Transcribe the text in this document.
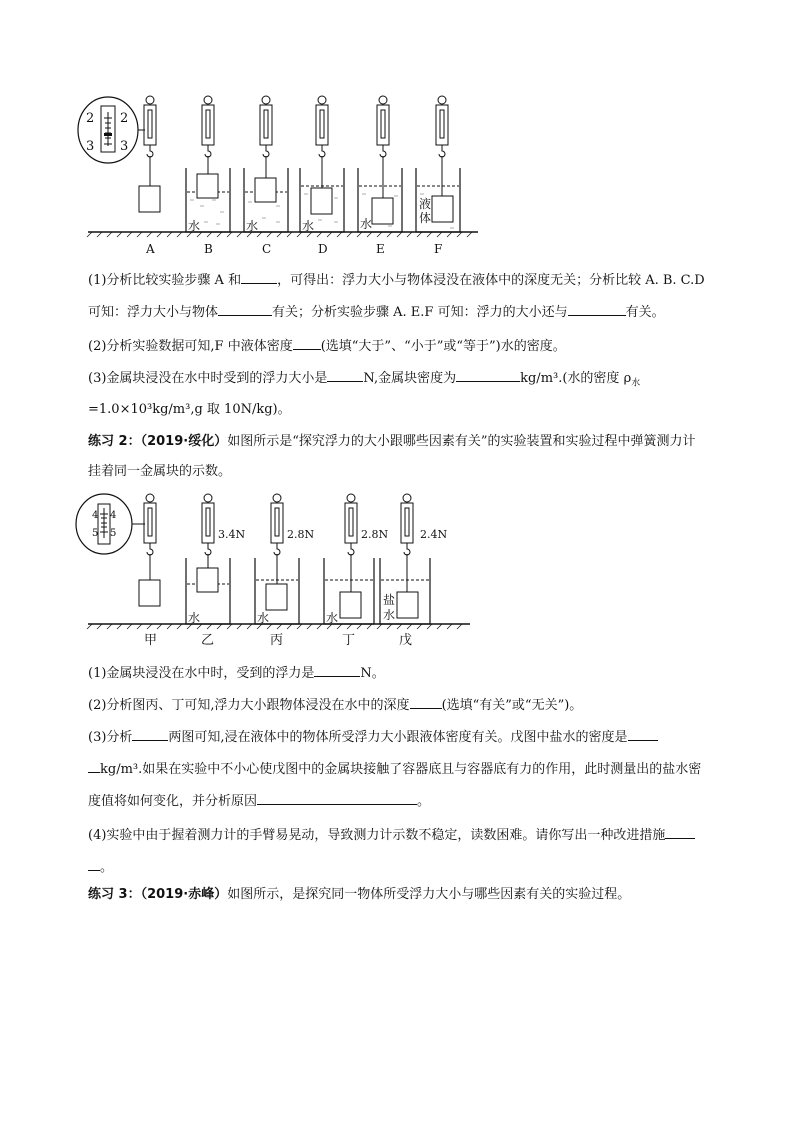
2
3
2
3
水	水	水	水
液
体
A	B	C	D	E	F
(1)分析比较实验步骤 A 和	，可得出：浮力大小与物体浸没在液体中的深度无关；分析比较 A. B. C.D
可知：浮力大小与物体	有关；分析实验步骤 A. E.F 可知：浮力的大小还与	有关。
(2)分析实验数据可知,F 中液体密度 (选填“大于”、“小于”或“等于”)水的密度。
(3)金属块浸没在水中时受到的浮力大小是	N,金属块密度为	kg/m³.(水的密度 $\rho_水$
=1.0×10³kg/m³,g 取 10N/kg)。
练习 2：（2019·绥化）如图所示是“探究浮力的大小跟哪些因素有关”的实验装置和实验过程中弹簧测力计
挂着同一金属块的示数。
4
5
4
5	3.4N
水
2.8N
水
2.8N
水
2.4N
盐
水
甲	乙	丙	丁	戊
(1)金属块浸没在水中时，受到的浮力是	N。
(2)分析图丙、丁可知,浮力大小跟物体浸没在水中的深度 (选填“有关”或“无关”)。
(3)分析	两图可知,浸在液体中的物体所受浮力大小跟液体密度有关。戊图中盐水的密度是
kg/m³.如果在实验中不小心使戊图中的金属块接触了容器底且与容器底有力的作用，此时测量出的盐水密
度值将如何变化，并分析原因	。
(4)实验中由于握着测力计的手臂易晃动，导致测力计示数不稳定，读数困难。请你写出一种改进措施
。
练习 3：（2019·赤峰）如图所示，是探究同一物体所受浮力大小与哪些因素有关的实验过程。
